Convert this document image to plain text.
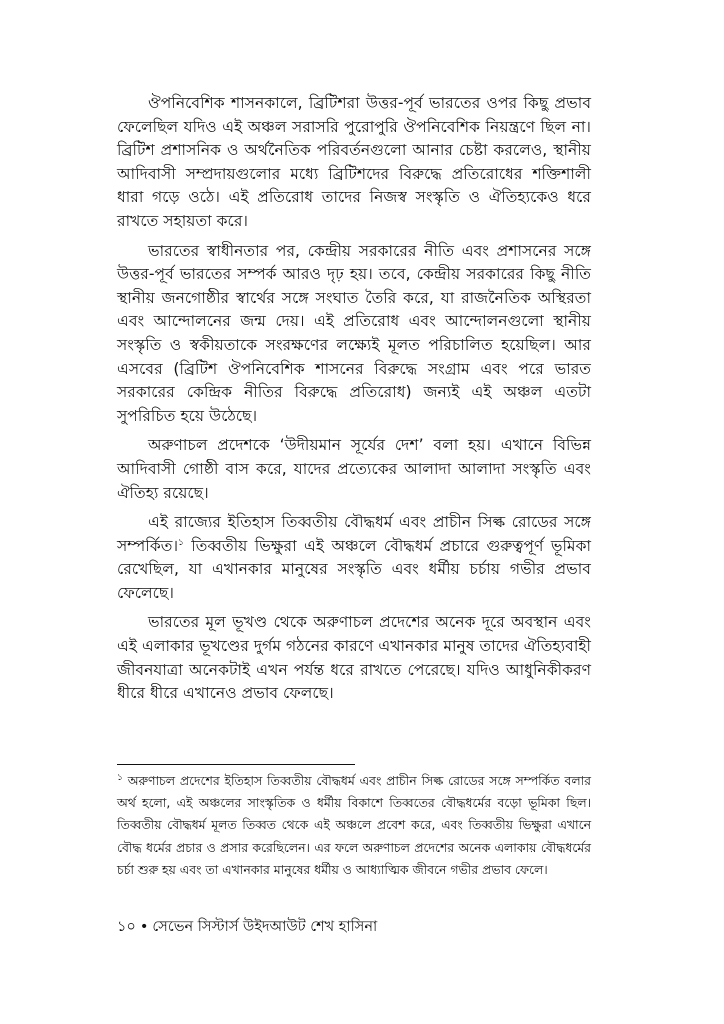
ঔপনিবেশিক শাসনকালে, ব্রিটিশরা উত্তর-পূর্ব ভারতের ওপর কিছু প্রভাব ফেলেছিল যদিও এই অঞ্চল সরাসরি পুরোপুরি ঔপনিবেশিক নিয়ন্ত্রণে ছিল না। ব্রিটিশ প্রশাসনিক ও অর্থনৈতিক পরিবর্তনগুলো আনার চেষ্টা করলেও, স্থানীয় আদিবাসী সম্প্রদায়গুলোর মধ্যে ব্রিটিশদের বিরুদ্ধে প্রতিরোধের শক্তিশালী ধারা গড়ে ওঠে। এই প্রতিরোধ তাদের নিজস্ব সংস্কৃতি ও ঐতিহ্যকেও ধরে রাখতে সহায়তা করে।

ভারতের স্বাধীনতার পর, কেন্দ্রীয় সরকারের নীতি এবং প্রশাসনের সঙ্গে উত্তর-পূর্ব ভারতের সম্পর্ক আরও দৃঢ় হয়। তবে, কেন্দ্রীয় সরকারের কিছু নীতি স্থানীয় জনগোষ্ঠীর স্বার্থের সঙ্গে সংঘাত তৈরি করে, যা রাজনৈতিক অস্থিরতা এবং আন্দোলনের জন্ম দেয়। এই প্রতিরোধ এবং আন্দোলনগুলো স্থানীয় সংস্কৃতি ও স্বকীয়তাকে সংরক্ষণের লক্ষ্যেই মূলত পরিচালিত হয়েছিল। আর এসবের (ব্রিটিশ ঔপনিবেশিক শাসনের বিরুদ্ধে সংগ্রাম এবং পরে ভারত সরকারের কেন্দ্রিক নীতির বিরুদ্ধে প্রতিরোধ) জন্যই এই অঞ্চল এতটা সুপরিচিত হয়ে উঠেছে।

অরুণাচল প্রদেশকে ‘উদীয়মান সূর্যের দেশ’ বলা হয়। এখানে বিভিন্ন আদিবাসী গোষ্ঠী বাস করে, যাদের প্রত্যেকের আলাদা আলাদা সংস্কৃতি এবং ঐতিহ্য রয়েছে।

এই রাজ্যের ইতিহাস তিব্বতীয় বৌদ্ধধর্ম এবং প্রাচীন সিল্ক রোডের সঙ্গে সম্পর্কিত।$^১$ তিব্বতীয় ভিক্ষুরা এই অঞ্চলে বৌদ্ধধর্ম প্রচারে গুরুত্বপূর্ণ ভূমিকা রেখেছিল, যা এখানকার মানুষের সংস্কৃতি এবং ধর্মীয় চর্চায় গভীর প্রভাব ফেলেছে।

ভারতের মূল ভূখণ্ড থেকে অরুণাচল প্রদেশের অনেক দূরে অবস্থান এবং এই এলাকার ভূখণ্ডের দুর্গম গঠনের কারণে এখানকার মানুষ তাদের ঐতিহ্যবাহী জীবনযাত্রা অনেকটাই এখন পর্যন্ত ধরে রাখতে পেরেছে। যদিও আধুনিকীকরণ ধীরে ধীরে এখানেও প্রভাব ফেলছে।

$^১$ অরুণাচল প্রদেশের ইতিহাস তিব্বতীয় বৌদ্ধধর্ম এবং প্রাচীন সিল্ক রোডের সঙ্গে সম্পর্কিত বলার অর্থ হলো, এই অঞ্চলের সাংস্কৃতিক ও ধর্মীয় বিকাশে তিব্বতের বৌদ্ধধর্মের বড়ো ভূমিকা ছিল। তিব্বতীয় বৌদ্ধধর্ম মূলত তিব্বত থেকে এই অঞ্চলে প্রবেশ করে, এবং তিব্বতীয় ভিক্ষুরা এখানে বৌদ্ধ ধর্মের প্রচার ও প্রসার করেছিলেন। এর ফলে অরুণাচল প্রদেশের অনেক এলাকায় বৌদ্ধধর্মের চর্চা শুরু হয় এবং তা এখানকার মানুষের ধর্মীয় ও আধ্যাত্মিক জীবনে গভীর প্রভাব ফেলে।
১০ • সেভেন সিস্টার্স উইদআউট শেখ হাসিনা
